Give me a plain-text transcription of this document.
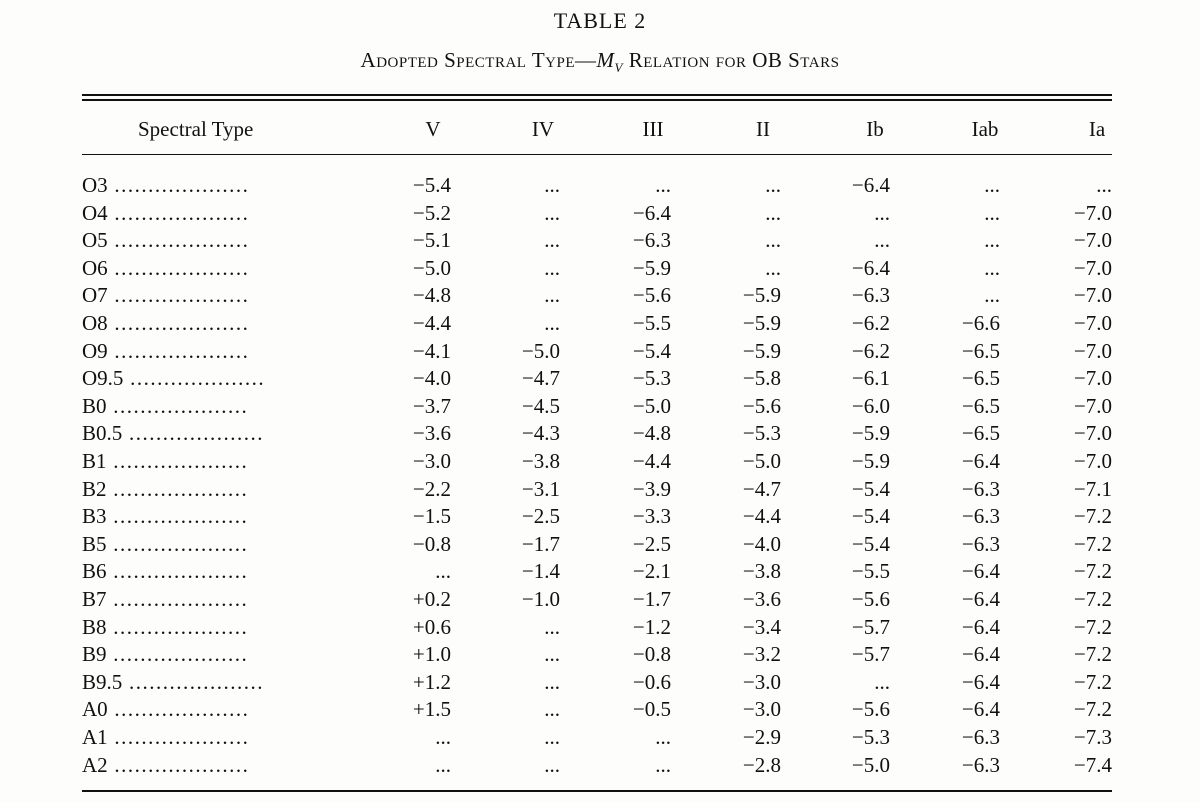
TABLE 2
Adopted Spectral $Type—M_V$ Relation for OB Stars
Spectral Type	V	IV	III	II	Ib	Iab	Ia
O3 ....................	−5.4	...	...	...	−6.4	...	...
O4 ....................	−5.2	...	−6.4	...	...	...	−7.0
O5 ....................	−5.1	...	−6.3	...	...	...	−7.0
O6 ....................	−5.0	...	−5.9	...	−6.4	...	−7.0
O7 ....................	−4.8	...	−5.6	−5.9	−6.3	...	−7.0
O8 ....................	−4.4	...	−5.5	−5.9	−6.2	−6.6	−7.0
O9 ....................	−4.1	−5.0	−5.4	−5.9	−6.2	−6.5	−7.0
O9.5 ....................	−4.0	−4.7	−5.3	−5.8	−6.1	−6.5	−7.0
B0 ....................	−3.7	−4.5	−5.0	−5.6	−6.0	−6.5	−7.0
B0.5 ....................	−3.6	−4.3	−4.8	−5.3	−5.9	−6.5	−7.0
B1 ....................	−3.0	−3.8	−4.4	−5.0	−5.9	−6.4	−7.0
B2 ....................	−2.2	−3.1	−3.9	−4.7	−5.4	−6.3	−7.1
B3 ....................	−1.5	−2.5	−3.3	−4.4	−5.4	−6.3	−7.2
B5 ....................	−0.8	−1.7	−2.5	−4.0	−5.4	−6.3	−7.2
B6 ....................	...	−1.4	−2.1	−3.8	−5.5	−6.4	−7.2
B7 ....................	+0.2	−1.0	−1.7	−3.6	−5.6	−6.4	−7.2
B8 ....................	+0.6	...	−1.2	−3.4	−5.7	−6.4	−7.2
B9 ....................	+1.0	...	−0.8	−3.2	−5.7	−6.4	−7.2
B9.5 ....................	+1.2	...	−0.6	−3.0	...	−6.4	−7.2
A0 ....................	+1.5	...	−0.5	−3.0	−5.6	−6.4	−7.2
A1 ....................	...	...	...	−2.9	−5.3	−6.3	−7.3
A2 ....................	...	...	...	−2.8	−5.0	−6.3	−7.4
